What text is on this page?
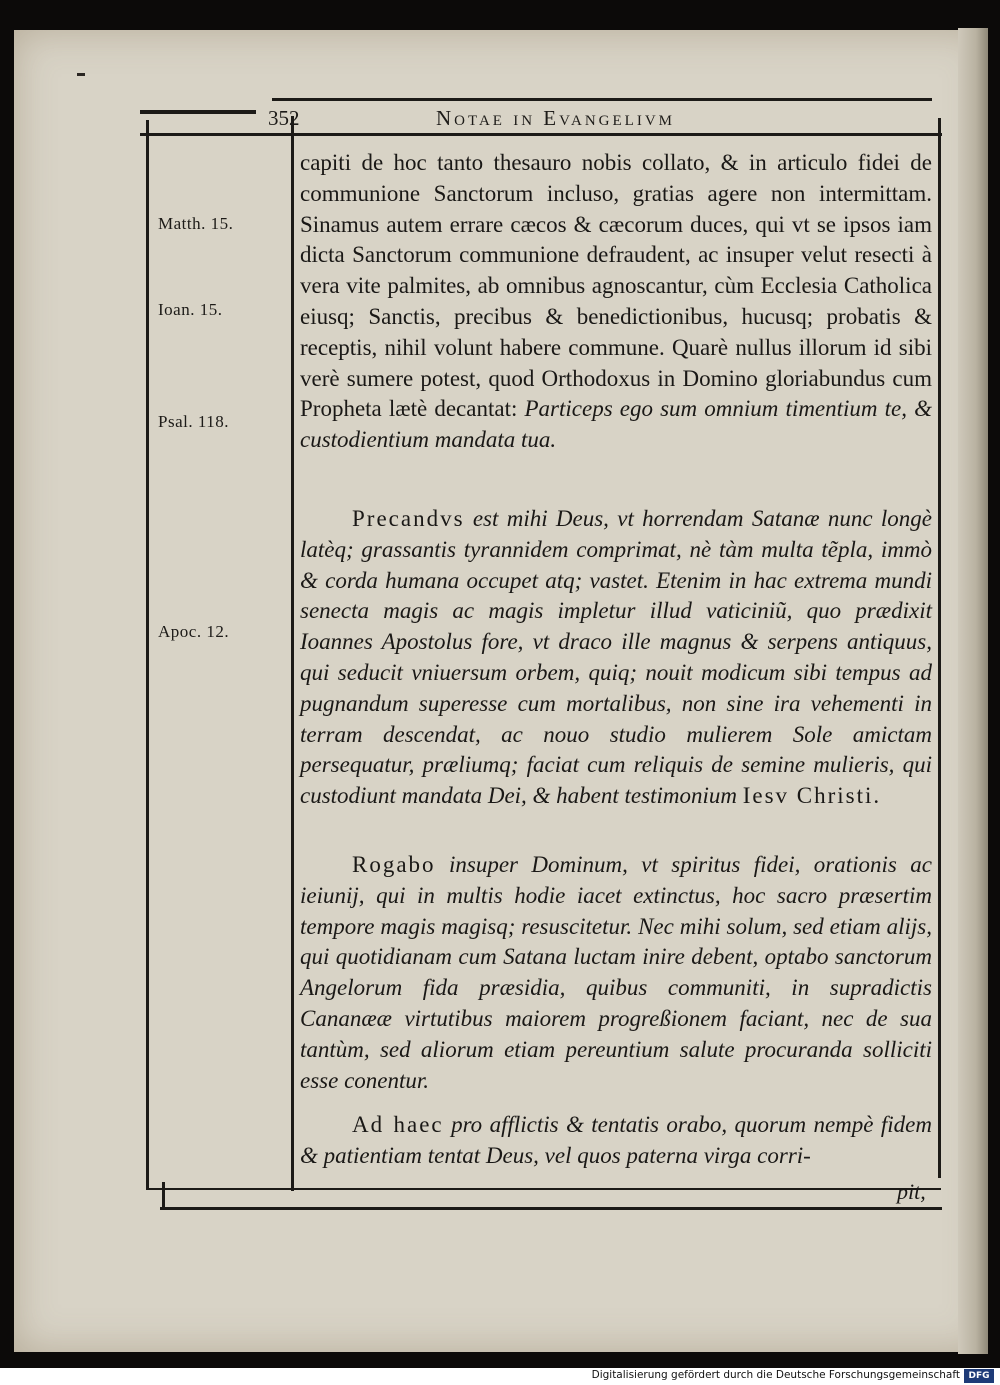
352	Notae in Evangelivm
Matth. 15.
Ioan. 15.
Psal. 118.
Apoc. 12.
capiti de hoc tanto thesauro nobis collato, & in articulo fidei de communione Sanctorum incluso, gratias agere non intermittam. Sinamus autem errare cæcos & cæcorum duces, qui vt se ipsos iam dicta Sanctorum communione defraudent, ac insuper velut resecti à vera vite palmites, ab omnibus agnoscantur, cùm Ecclesia Catholica eiusq; Sanctis, precibus & benedictionibus, hucusq; probatis & receptis, nihil volunt habere commune. Quarè nullus illorum id sibi verè sumere potest, quod Orthodoxus in Domino gloriabundus cum Propheta lætè decantat: Particeps ego sum omnium timentium te, & custodientium mandata tua.
Precandvs est mihi Deus, vt horrendam Satanæ nunc longè latèq; grassantis tyrannidem comprimat, nè tàm multa tẽpla, immò & corda humana occupet atq; vastet. Etenim in hac extrema mundi senecta magis ac magis impletur illud vaticiniũ, quo prædixit Ioannes Apostolus fore, vt draco ille magnus & serpens antiquus, qui seducit vniuersum orbem, quiq; nouit modicum sibi tempus ad pugnandum superesse cum mortalibus, non sine ira vehementi in terram descendat, ac nouo studio mulierem Sole amictam persequatur, præliumq; faciat cum reliquis de semine mulieris, qui custodiunt mandata Dei, & habent testimonium Iesv Christi.
Rogabo insuper Dominum, vt spiritus fidei, orationis ac ieiunij, qui in multis hodie iacet extinctus, hoc sacro præsertim tempore magis magisq; resuscitetur. Nec mihi solum, sed etiam alijs, qui quotidianam cum Satana luctam inire debent, optabo sanctorum Angelorum fida præsidia, quibus communiti, in supradictis Cananææ virtutibus maiorem progreßionem faciant, nec de sua tantùm, sed aliorum etiam pereuntium salute procuranda solliciti esse conentur.
Ad haec pro afflictis & tentatis orabo, quorum nempè fidem & patientiam tentat Deus, vel quos paterna virga corri-
pit,
Digitalisierung gefördert durch die Deutsche Forschungsgemeinschaft DFG
